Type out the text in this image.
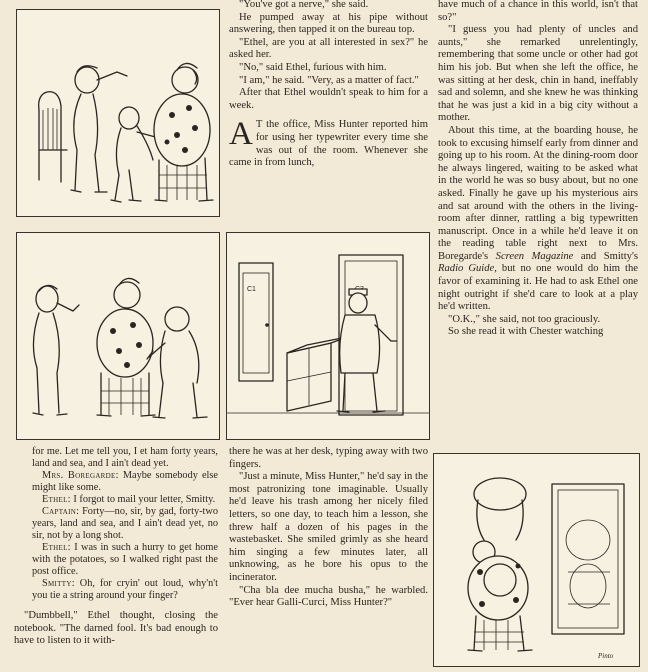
C1
Pinto

"You've got a nerve," she said.

He pumped away at his pipe without answering, then tapped it on the bureau top.

"Ethel, are you at all interested in sex?" he asked her.

"No," said Ethel, furious with him.

"I am," he said. "Very, as a matter of fact."

After that Ethel wouldn't speak to him for a week.

A T the office, Miss Hunter reported him for using her typewriter every time she was out of the room. Whenever she came in from lunch,

have much of a chance in this world, isn't that so?"

"I guess you had plenty of uncles and aunts," she remarked unrelentingly, remembering that some uncle or other had got him his job. But when she left the office, he was sitting at her desk, chin in hand, ineffably sad and solemn, and she knew he was thinking that he was just a kid in a big city without a mother.

About this time, at the boarding house, he took to excusing himself early from dinner and going up to his room. At the dining-room door he always lingered, waiting to be asked what in the world he was so busy about, but no one asked. Finally he gave up his mysterious airs and sat around with the others in the living-room after dinner, rattling a big typewritten manuscript. Once in a while he'd leave it on the reading table right next to Mrs. Boregarde's Screen Magazine and Smitty's Radio Guide, but no one would do him the favor of examining it. He had to ask Ethel one night outright if she'd care to look at a play he'd written.

"O.K.," she said, not too graciously.

So she read it with Chester watching

for me. Let me tell you, I et ham forty years, land and sea, and I ain't dead yet.

Mrs. Boregarde: Maybe somebody else might like some.

Ethel: I forgot to mail your letter, Smitty.

Captain: Forty—no, sir, by gad, forty-two years, land and sea, and I ain't dead yet, no sir, not by a long shot.

Ethel: I was in such a hurry to get home with the potatoes, so I walked right past the post office.

Smitty: Oh, for cryin' out loud, why'n't you tie a string around your finger?

"Dumbbell," Ethel thought, closing the notebook. "The darned fool. It's bad enough to have to listen to it with-

there he was at her desk, typing away with two fingers.

"Just a minute, Miss Hunter," he'd say in the most patronizing tone imaginable. Usually he'd leave his trash among her nicely filed letters, so one day, to teach him a lesson, she threw half a dozen of his pages in the wastebasket. She smiled grimly as she heard him singing a few minutes later, all unknowing, as he bore his opus to the incinerator.

"Cha bla dee mucha busha," he warbled. "Ever hear Galli-Curci, Miss Hunter?"
